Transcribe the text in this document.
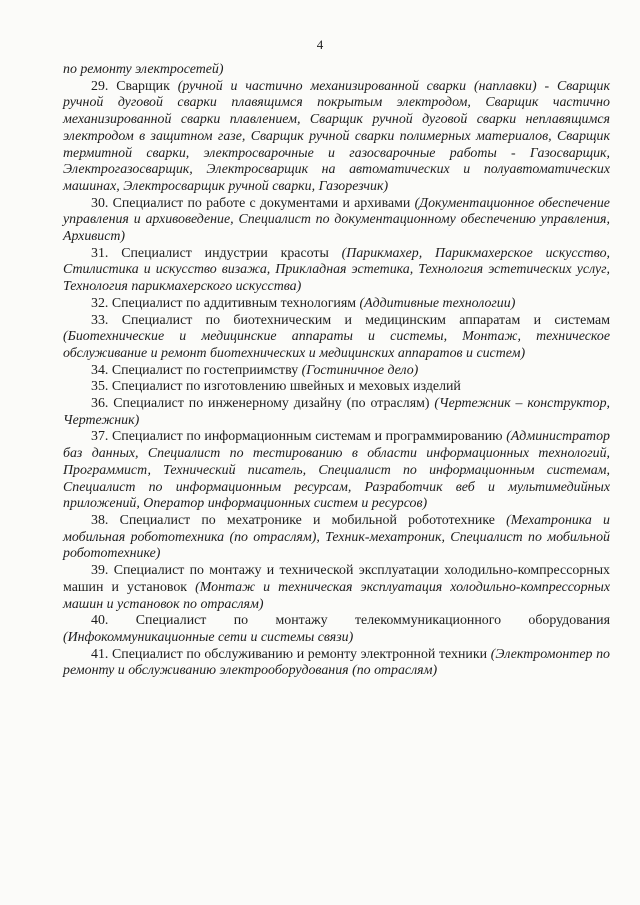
4

по ремонту электросетей)

29. Сварщик (ручной и частично механизированной сварки (наплавки) - Сварщик ручной дуговой сварки плавящимся покрытым электродом, Сварщик частично механизированной сварки плавлением, Сварщик ручной дуговой сварки неплавящимся электродом в защитном газе, Сварщик ручной сварки полимерных материалов, Сварщик термитной сварки, электросварочные и газосварочные работы - Газосварщик, Электрогазосварщик, Электросварщик на автоматических и полуавтоматических машинах, Электросварщик ручной сварки, Газорезчик)

30. Специалист по работе с документами и архивами (Документационное обеспечение управления и архивоведение, Специалист по документационному обеспечению управления, Архивист)

31. Специалист индустрии красоты (Парикмахер, Парикмахерское искусство, Стилистика и искусство визажа, Прикладная эстетика, Технология эстетических услуг, Технология парикмахерского искусства)

32. Специалист по аддитивным технологиям (Аддитивные технологии)

33. Специалист по биотехническим и медицинским аппаратам и системам (Биотехнические и медицинские аппараты и системы, Монтаж, техническое обслуживание и ремонт биотехнических и медицинских аппаратов и систем)

34. Специалист по гостеприимству (Гостиничное дело)

35. Специалист по изготовлению швейных и меховых изделий

36. Специалист по инженерному дизайну (по отраслям) (Чертежник – конструктор, Чертежник)

37. Специалист по информационным системам и программированию (Администратор баз данных, Специалист по тестированию в области информационных технологий, Программист, Технический писатель, Специалист по информационным системам, Специалист по информационным ресурсам, Разработчик веб и мультимедийных приложений, Оператор информационных систем и ресурсов)

38. Специалист по мехатронике и мобильной робототехнике (Мехатроника и мобильная робототехника (по отраслям), Техник-мехатроник, Специалист по мобильной робототехнике)

39. Специалист по монтажу и технической эксплуатации холодильно-компрессорных машин и установок (Монтаж и техническая эксплуатация холодильно-компрессорных машин и установок по отраслям)

40. Специалист по монтажу телекоммуникационного оборудования (Инфокоммуникационные сети и системы связи)

41. Специалист по обслуживанию и ремонту электронной техники (Электромонтер по ремонту и обслуживанию электрооборудования (по отраслям)
